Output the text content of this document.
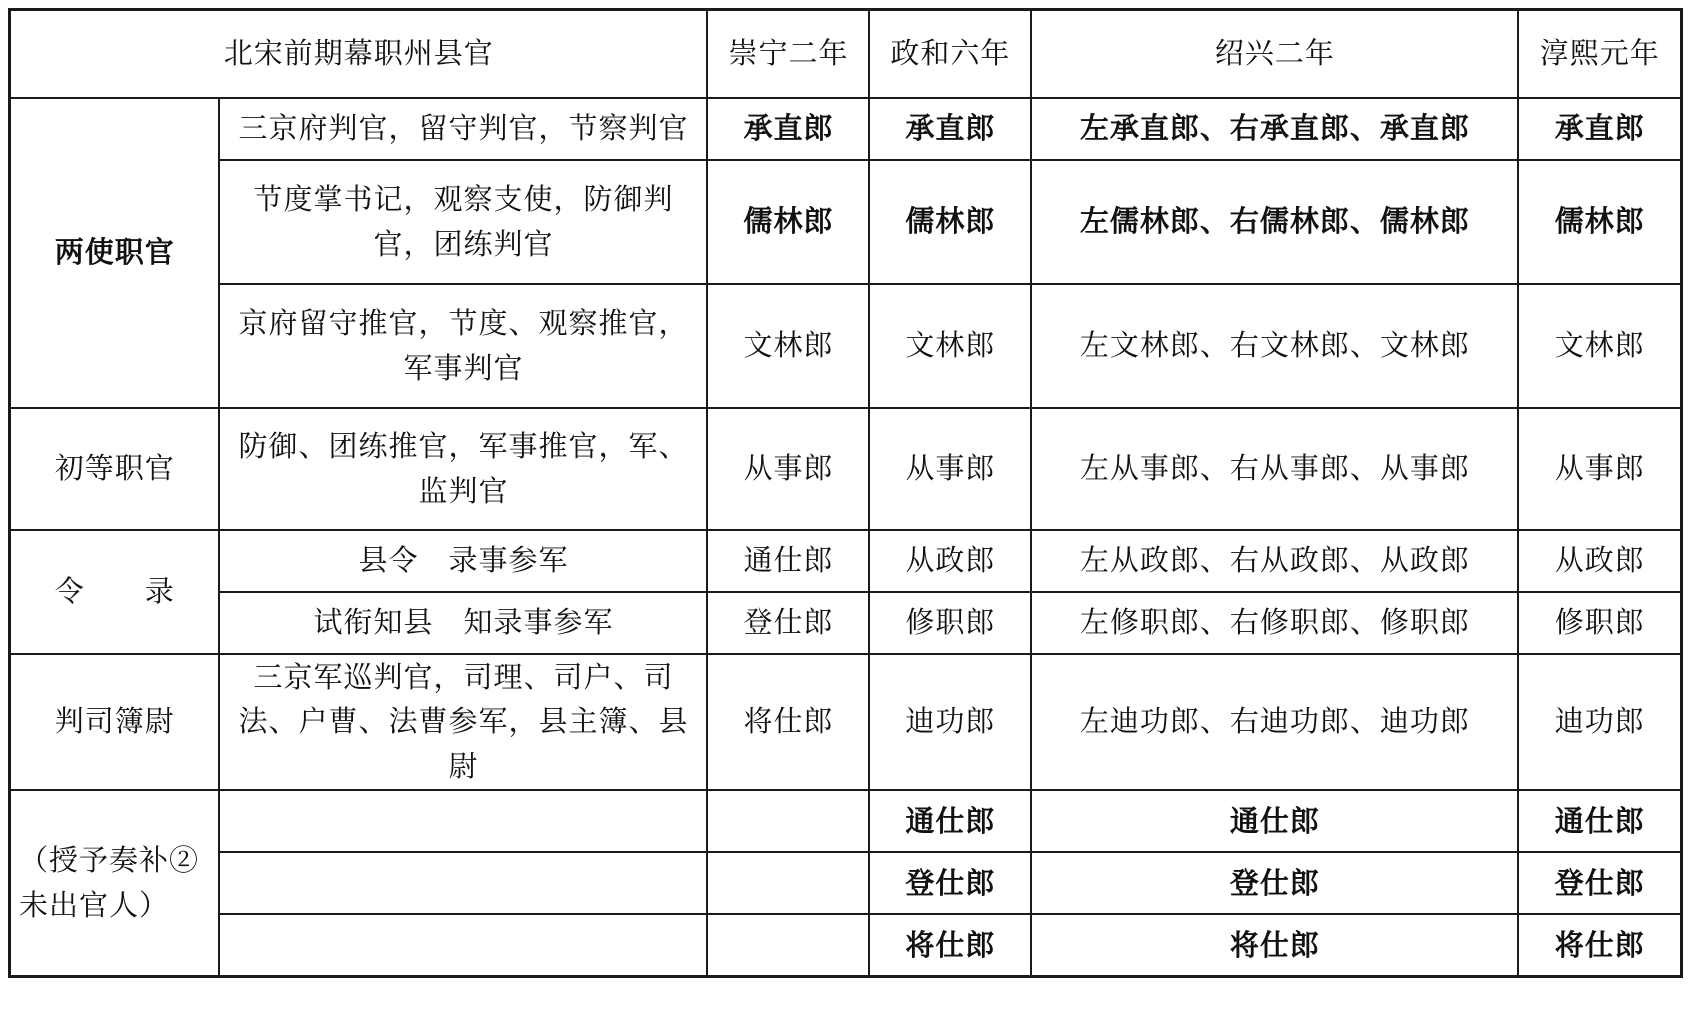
北宋前期幕职州县官		崇宁二年	政和六年	绍兴二年	淳熙元年
两使职官	三京府判官，留守判官，节察判官	承直郎	承直郎	左承直郎、右承直郎、承直郎	承直郎
	节度掌书记，观察支使，防御判官，团练判官	儒林郎	儒林郎	左儒林郎、右儒林郎、儒林郎	儒林郎
	京府留守推官，节度、观察推官，军事判官	文林郎	文林郎	左文林郎、右文林郎、文林郎	文林郎
初等职官	防御、团练推官，军事推官，军、监判官	从事郎	从事郎	左从事郎、右从事郎、从事郎	从事郎
令　　录	县令　录事参军	通仕郎	从政郎	左从政郎、右从政郎、从政郎	从政郎
	试衔知县　知录事参军	登仕郎	修职郎	左修职郎、右修职郎、修职郎	修职郎
判司簿尉	三京军巡判官，司理、司户、司法、户曹、法曹参军，县主簿、县尉	将仕郎	迪功郎	左迪功郎、右迪功郎、迪功郎	迪功郎
（授予奏补②未出官人）			通仕郎	通仕郎	通仕郎
			登仕郎	登仕郎	登仕郎
			将仕郎	将仕郎	将仕郎
